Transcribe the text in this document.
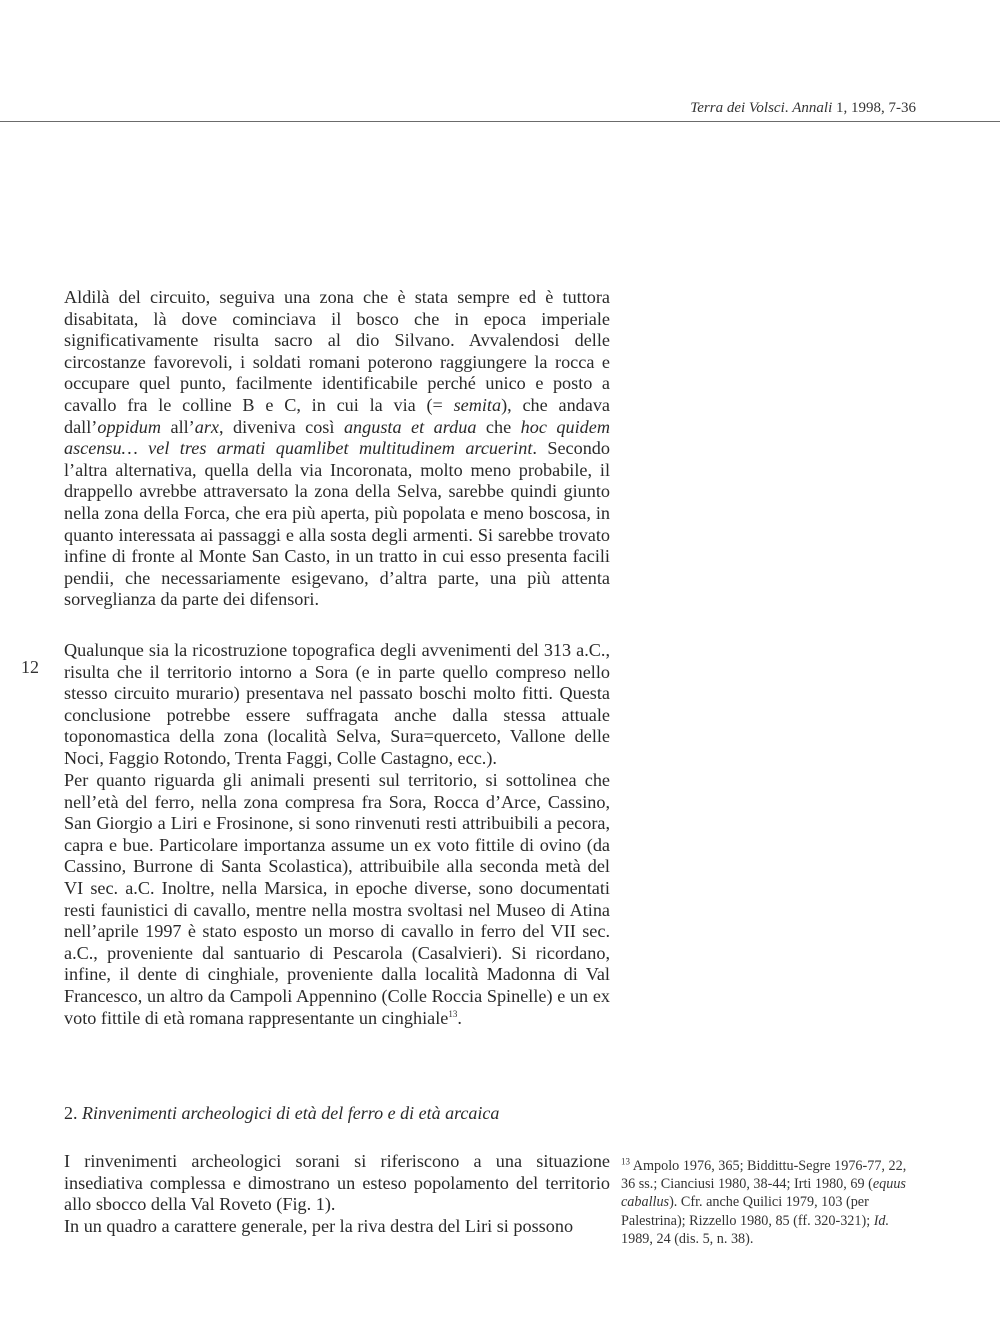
Terra dei Volsci. Annali 1, 1998, 7-36
12

Aldilà del circuito, seguiva una zona che è stata sempre ed è tuttora disabitata, là dove cominciava il bosco che in epoca imperiale significativamente risulta sacro al dio Silvano. Avvalendosi delle circostanze favorevoli, i soldati romani poterono raggiungere la rocca e occupare quel punto, facilmente identificabile perché unico e posto a cavallo fra le colline B e C, in cui la via (= semita), che andava dall’oppidum all’arx, diveniva così angusta et ardua che hoc quidem ascensu… vel tres armati quamlibet multitudinem arcuerint. Secondo l’altra alternativa, quella della via Incoronata, molto meno probabile, il drappello avrebbe attraversato la zona della Selva, sarebbe quindi giunto nella zona della Forca, che era più aperta, più popolata e meno boscosa, in quanto interessata ai passaggi e alla sosta degli armenti. Si sarebbe trovato infine di fronte al Monte San Casto, in un tratto in cui esso presenta facili pendii, che necessariamente esigevano, d’altra parte, una più attenta sorveglianza da parte dei difensori.

Qualunque sia la ricostruzione topografica degli avvenimenti del 313 a.C., risulta che il territorio intorno a Sora (e in parte quello compreso nello stesso circuito murario) presentava nel passato boschi molto fitti. Questa conclusione potrebbe essere suffragata anche dalla stessa attuale toponomastica della zona (località Selva, Sura=querceto, Vallone delle Noci, Faggio Rotondo, Trenta Faggi, Colle Castagno, ecc.).

Per quanto riguarda gli animali presenti sul territorio, si sottolinea che nell’età del ferro, nella zona compresa fra Sora, Rocca d’Arce, Cassino, San Giorgio a Liri e Frosinone, si sono rinvenuti resti attribuibili a pecora, capra e bue. Particolare importanza assume un ex voto fittile di ovino (da Cassino, Burrone di Santa Scolastica), attribuibile alla seconda metà del VI sec. a.C. Inoltre, nella Marsica, in epoche diverse, sono documentati resti faunistici di cavallo, mentre nella mostra svoltasi nel Museo di Atina nell’aprile 1997 è stato esposto un morso di cavallo in ferro del VII sec. a.C., proveniente dal santuario di Pescarola (Casalvieri). Si ricordano, infine, il dente di cinghiale, proveniente dalla località Madonna di Val Francesco, un altro da Campoli Appennino (Colle Roccia Spinelle) e un ex voto fittile di età romana rappresentante un cinghiale$^{13}$.

2. Rinvenimenti archeologici di età del ferro e di età arcaica

I rinvenimenti archeologici sorani si riferiscono a una situazione insediativa complessa e dimostrano un esteso popolamento del territorio allo sbocco della Val Roveto (Fig. 1).

In un quadro a carattere generale, per la riva destra del Liri si possono

$^{13}$ Ampolo 1976, 365; Biddittu-Segre 1976-77, 22, 36 ss.; Cianciusi 1980, 38-44; Irti 1980, 69 (equus caballus). Cfr. anche Quilici 1979, 103 (per Palestrina); Rizzello 1980, 85 (ff. 320-321); Id. 1989, 24 (dis. 5, n. 38).
